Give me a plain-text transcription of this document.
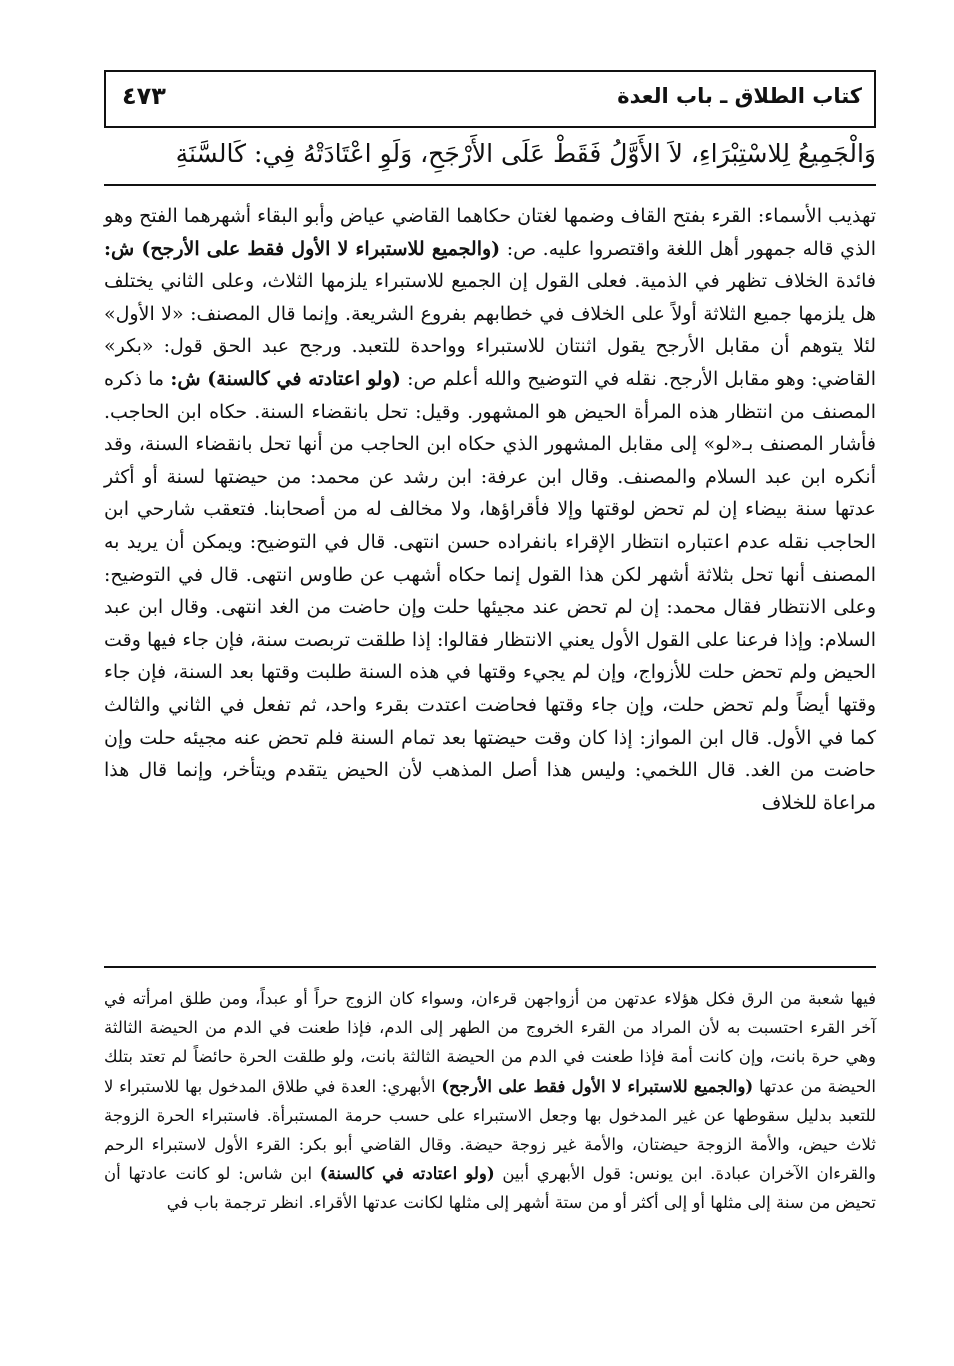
كتاب الطلاق ـ باب العدة
٤٧٣
وَالْجَمِيعُ لِلاسْتِبْرَاءِ، لاَ الأَوَّلُ فَقَطْ عَلَى الأَرْجَحِ، وَلَوِ اعْتَادَتْهُ فِي: كَالسَّنَةِ
تهذيب الأسماء: القرء بفتح القاف وضمها لغتان حكاهما القاضي عياض وأبو البقاء أشهرهما الفتح وهو الذي قاله جمهور أهل اللغة واقتصروا عليه. ص: (والجميع للاستبراء لا الأول فقط على الأرجح) ش: فائدة الخلاف تظهر في الذمية. فعلى القول إن الجميع للاستبراء يلزمها الثلاث، وعلى الثاني يختلف هل يلزمها جميع الثلاثة أولاً على الخلاف في خطابهم بفروع الشريعة. وإنما قال المصنف: «لا الأول» لئلا يتوهم أن مقابل الأرجح يقول اثنتان للاستبراء وواحدة للتعبد. ورجح عبد الحق قول: «بكر» القاضي: وهو مقابل الأرجح. نقله في التوضيح والله أعلم ص: (ولو اعتادته في كالسنة) ش: ما ذكره المصنف من انتظار هذه المرأة الحيض هو المشهور. وقيل: تحل بانقضاء السنة. حكاه ابن الحاجب. فأشار المصنف بـ«لو» إلى مقابل المشهور الذي حكاه ابن الحاجب من أنها تحل بانقضاء السنة، وقد أنكره ابن عبد السلام والمصنف. وقال ابن عرفة: ابن رشد عن محمد: من حيضتها لسنة أو أكثر عدتها سنة بيضاء إن لم تحض لوقتها وإلا فأقراؤها، ولا مخالف له من أصحابنا. فتعقب شارحي ابن الحاجب نقله عدم اعتباره انتظار الإقراء بانفراده حسن انتهى. قال في التوضيح: ويمكن أن يريد به المصنف أنها تحل بثلاثة أشهر لكن هذا القول إنما حكاه أشهب عن طاوس انتهى. قال في التوضيح: وعلى الانتظار فقال محمد: إن لم تحض عند مجيئها حلت وإن حاضت من الغد انتهى. وقال ابن عبد السلام: وإذا فرعنا على القول الأول يعني الانتظار فقالوا: إذا طلقت تربصت سنة، فإن جاء فيها وقت الحيض ولم تحض حلت للأزواج، وإن لم يجيء وقتها في هذه السنة طلبت وقتها بعد السنة، فإن جاء وقتها أيضاً ولم تحض حلت، وإن جاء وقتها فحاضت اعتدت بقرء واحد، ثم تفعل في الثاني والثالث كما في الأول. قال ابن المواز: إذا كان وقت حيضتها بعد تمام السنة فلم تحض عنه مجيئه حلت وإن حاضت من الغد. قال اللخمي: وليس هذا أصل المذهب لأن الحيض يتقدم ويتأخر، وإنما قال هذا مراعاة للخلاف
فيها شعبة من الرق فكل هؤلاء عدتهن من أزواجهن قرءان، وسواء كان الزوج حراً أو عبداً، ومن طلق امرأته في آخر القرء احتسبت به لأن المراد من القرء الخروج من الطهر إلى الدم، فإذا طعنت في الدم من الحيضة الثالثة وهي حرة بانت، وإن كانت أمة فإذا طعنت في الدم من الحيضة الثالثة بانت، ولو طلقت الحرة حائضاً لم تعتد بتلك الحيضة من عدتها (والجميع للاستبراء لا الأول فقط على الأرجح) الأبهري: العدة في طلاق المدخول بها للاستبراء لا للتعبد بدليل سقوطها عن غير المدخول بها وجعل الاستبراء على حسب حرمة المستبرأة. فاستبراء الحرة الزوجة ثلاث حيض، والأمة الزوجة حيضتان، والأمة غير زوجة حيضة. وقال القاضي أبو بكر: القرء الأول لاستبراء الرحم والقرءان الآخران عبادة. ابن يونس: قول الأبهري أبين (ولو اعتادته في كالسنة) ابن شاس: لو كانت عادتها أن تحيض من سنة إلى مثلها أو إلى أكثر أو من ستة أشهر إلى مثلها لكانت عدتها الأقراء. انظر ترجمة باب في
